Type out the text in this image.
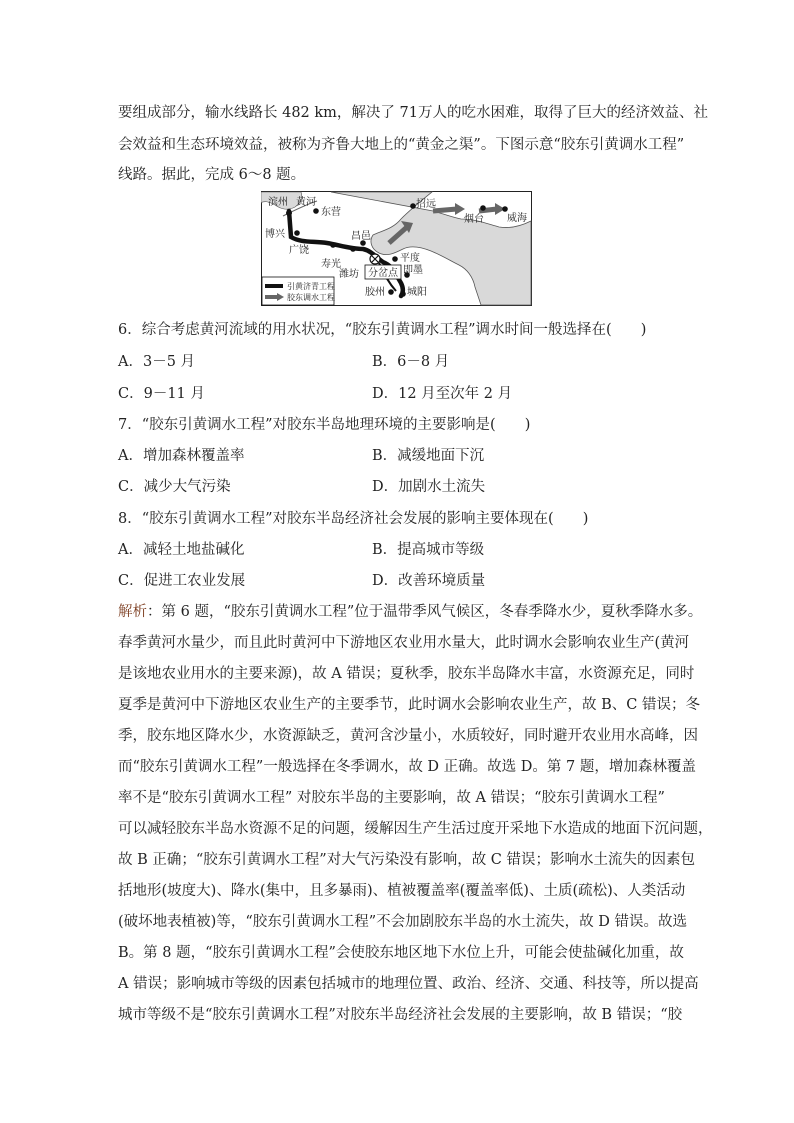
要组成部分，输水线路长 482 km，解决了 71万人的吃水困难，取得了巨大的经济效益、社
会效益和生态环境效益，被称为齐鲁大地上的“黄金之渠”。下图示意“胶东引黄调水工程”
线路。据此，完成 6～8 题。
滨州 黄河
东营
招远
烟台 威海
博兴
广饶
昌邑
寿光
潍坊
平度
分岔点 即墨
胶州 城阳
引黄济青工程
胶东调水工程
6．综合考虑黄河流域的用水状况，“胶东引黄调水工程”调水时间一般选择在(　　)
A．3－5 月	B．6－8 月
C．9－11 月	D．12 月至次年 2 月
7．“胶东引黄调水工程”对胶东半岛地理环境的主要影响是(　　)
A．增加森林覆盖率	B．减缓地面下沉
C．减少大气污染	D．加剧水土流失
8．“胶东引黄调水工程”对胶东半岛经济社会发展的影响主要体现在(　　)
A．减轻土地盐碱化	B．提高城市等级
C．促进工农业发展	D．改善环境质量
解析：第 6 题，“胶东引黄调水工程”位于温带季风气候区，冬春季降水少，夏秋季降水多。
春季黄河水量少，而且此时黄河中下游地区农业用水量大，此时调水会影响农业生产(黄河
是该地农业用水的主要来源)，故 A 错误；夏秋季，胶东半岛降水丰富，水资源充足，同时
夏季是黄河中下游地区农业生产的主要季节，此时调水会影响农业生产，故 B、C 错误；冬
季，胶东地区降水少，水资源缺乏，黄河含沙量小，水质较好，同时避开农业用水高峰，因
而“胶东引黄调水工程”一般选择在冬季调水，故 D 正确。故选 D。第 7 题，增加森林覆盖
率不是“胶东引黄调水工程” 对胶东半岛的主要影响，故 A 错误；“胶东引黄调水工程”
可以减轻胶东半岛水资源不足的问题，缓解因生产生活过度开采地下水造成的地面下沉问题，
故 B 正确；“胶东引黄调水工程”对大气污染没有影响，故 C 错误；影响水土流失的因素包
括地形(坡度大)、降水(集中，且多暴雨)、植被覆盖率(覆盖率低)、土质(疏松)、人类活动
(破坏地表植被)等，“胶东引黄调水工程”不会加剧胶东半岛的水土流失，故 D 错误。故选
B。第 8 题，“胶东引黄调水工程”会使胶东地区地下水位上升，可能会使盐碱化加重，故
A 错误；影响城市等级的因素包括城市的地理位置、政治、经济、交通、科技等，所以提高
城市等级不是“胶东引黄调水工程”对胶东半岛经济社会发展的主要影响，故 B 错误；“胶
